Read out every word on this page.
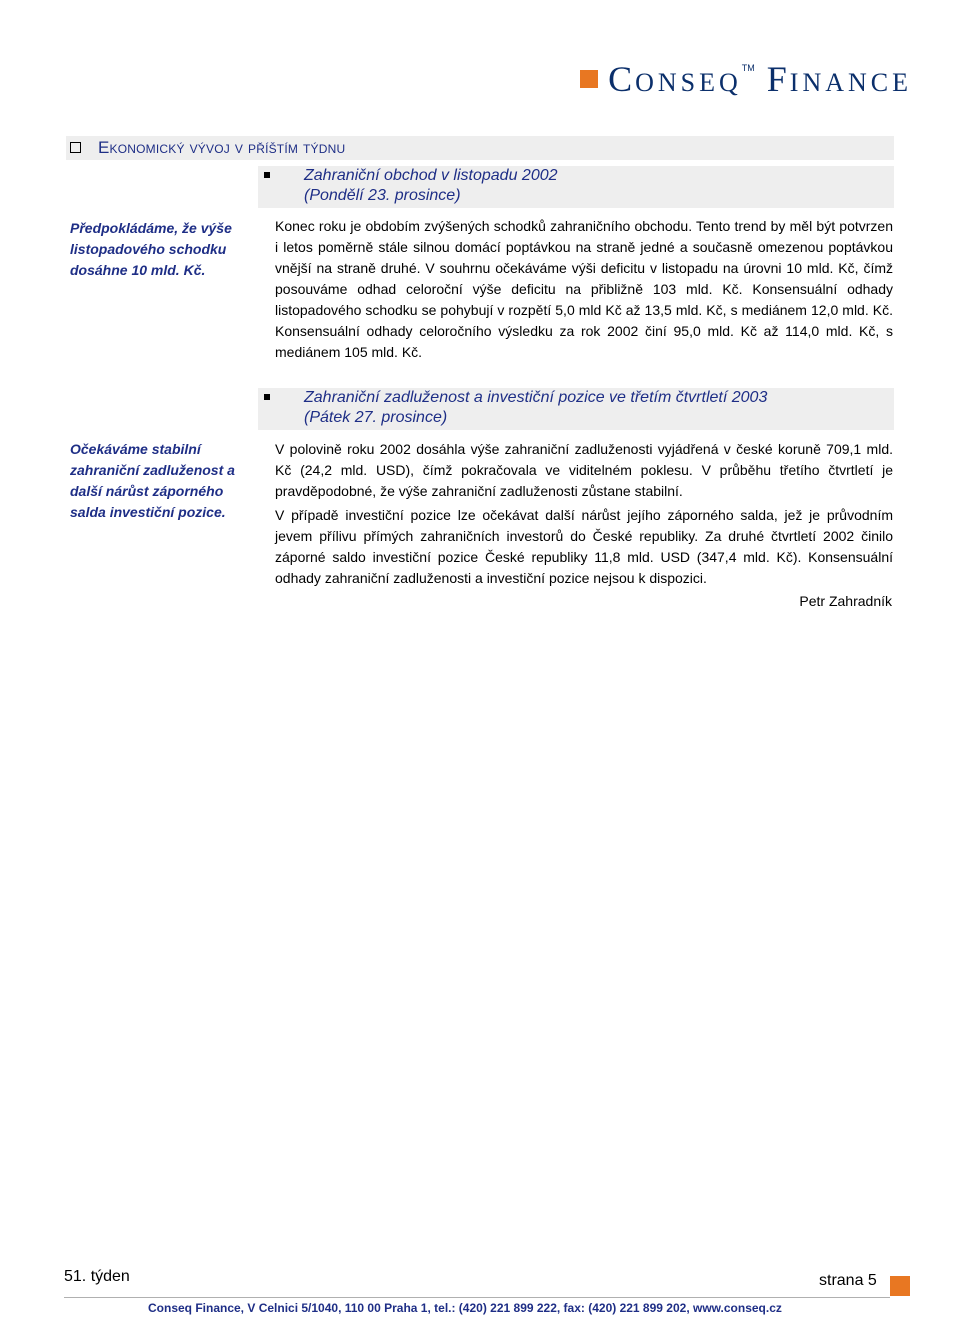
CONSEQ™ FINANCE
Ekonomický vývoj v příštím týdnu
Zahraniční obchod v listopadu 2002
(Pondělí 23. prosince)
Předpokládáme, že výše listopadového schodku dosáhne 10 mld. Kč.
Konec roku je obdobím zvýšených schodků zahraničního obchodu. Tento trend by měl být potvrzen i letos poměrně stále silnou domácí poptávkou na straně jedné a současně omezenou poptávkou vnější na straně druhé. V souhrnu očekáváme výši deficitu v listopadu na úrovni 10 mld. Kč, čímž posouváme odhad celoroční výše deficitu na přibližně 103 mld. Kč. Konsensuální odhady listopadového schodku se pohybují v rozpětí 5,0 mld Kč až 13,5 mld. Kč, s mediánem 12,0 mld. Kč. Konsensuální odhady celoročního výsledku za rok 2002 činí 95,0 mld. Kč až 114,0 mld. Kč, s mediánem 105 mld. Kč.
Zahraniční zadluženost a investiční pozice ve třetím čtvrtletí 2003
(Pátek 27. prosince)
Očekáváme stabilní zahraniční zadluženost a další nárůst záporného salda investiční pozice.
V polovině roku 2002 dosáhla výše zahraniční zadluženosti vyjádřená v české koruně 709,1 mld. Kč (24,2 mld. USD), čímž pokračovala ve viditelném poklesu. V průběhu třetího čtvrtletí je pravděpodobné, že výše zahraniční zadluženosti zůstane stabilní.
V případě investiční pozice lze očekávat další nárůst jejího záporného salda, jež je průvodním jevem přílivu přímých zahraničních investorů do České republiky. Za druhé čtvrtletí 2002 činilo záporné saldo investiční pozice České republiky 11,8 mld. USD (347,4 mld. Kč). Konsensuální odhady zahraniční zadluženosti a investiční pozice nejsou k dispozici.
Petr Zahradník
51. týden	strana 5
Conseq Finance, V Celnici 5/1040, 110 00 Praha 1, tel.: (420) 221 899 222, fax: (420) 221 899 202, www.conseq.cz
